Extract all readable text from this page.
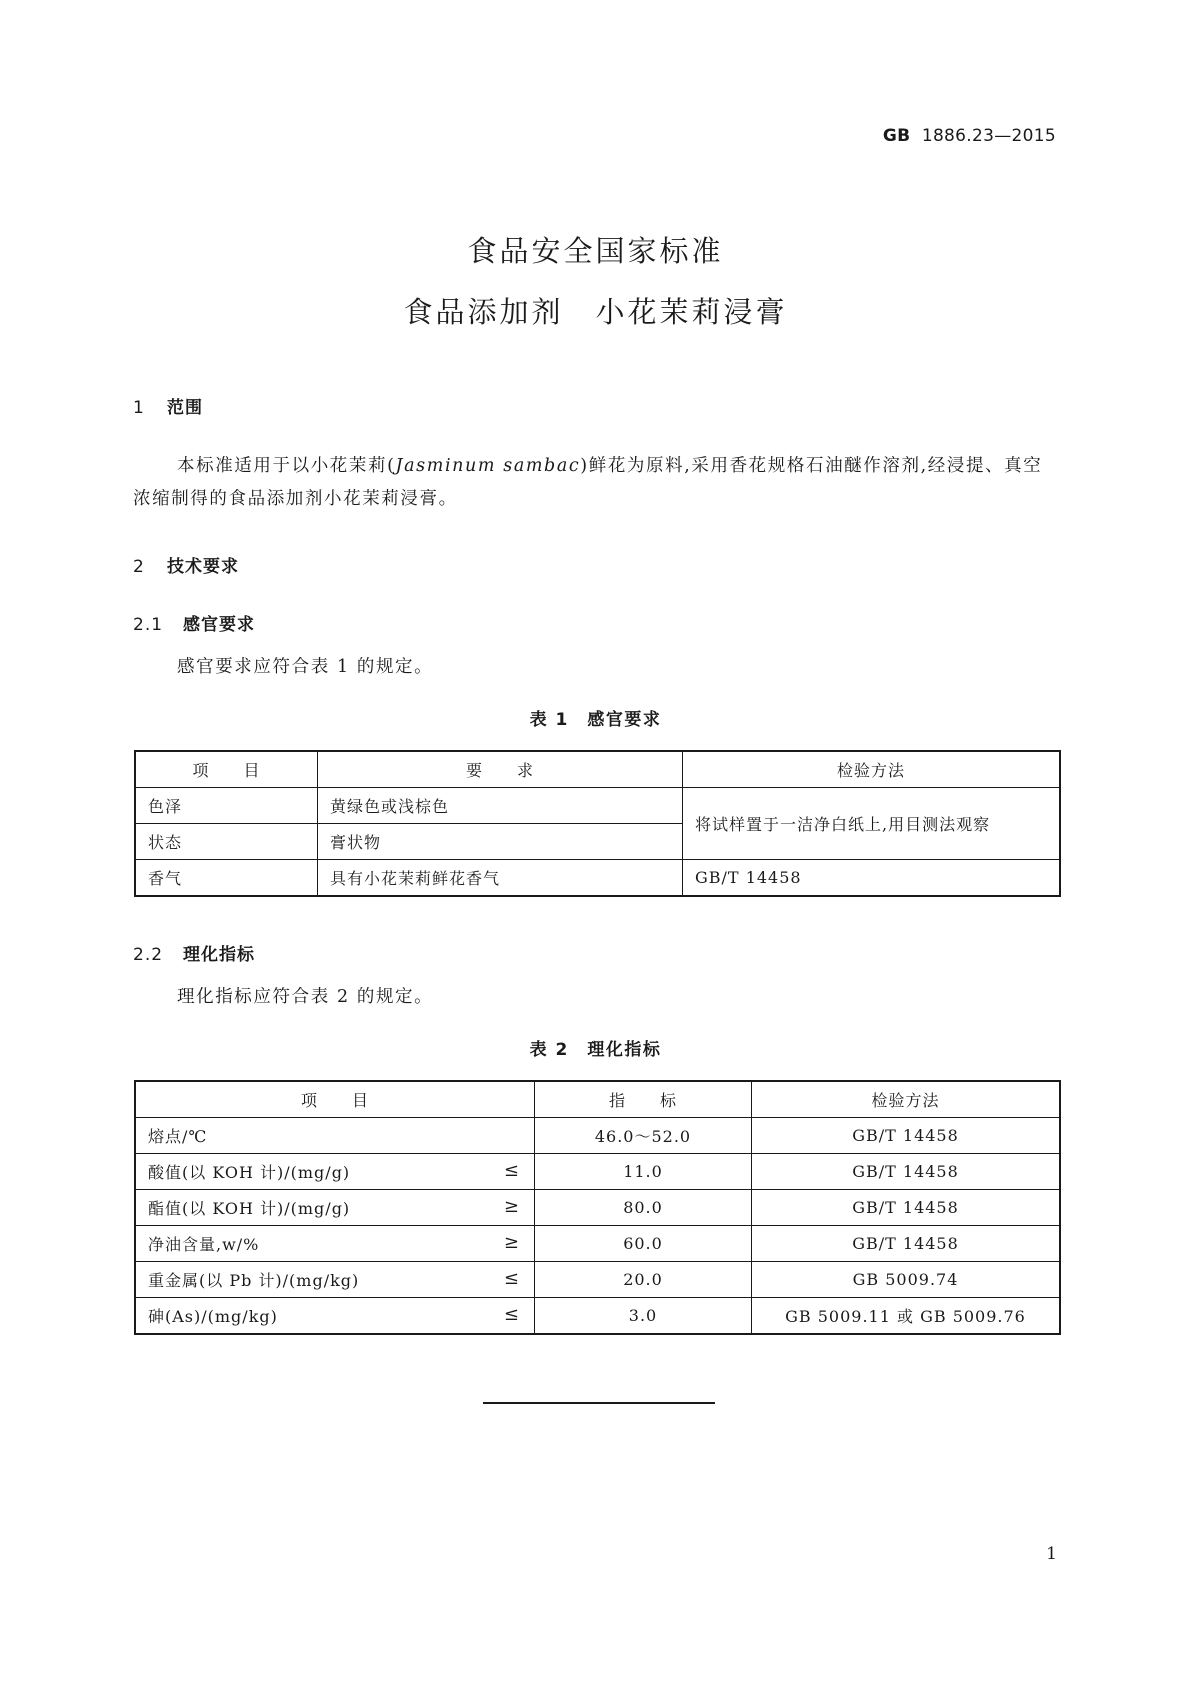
GB 1886.23—2015
食品安全国家标准
食品添加剂　小花茉莉浸膏
1 范围
本标准适用于以小花茉莉(Jasminum sambac)鲜花为原料,采用香花规格石油醚作溶剂,经浸提、真空浓缩制得的食品添加剂小花茉莉浸膏。
2 技术要求
2.1 感官要求
感官要求应符合表 1 的规定。
表 1　感官要求
项　　目	要　　求	检验方法
色泽	黄绿色或浅棕色	将试样置于一洁净白纸上,用目测法观察
状态	膏状物	
香气	具有小花茉莉鲜花香气	GB/T 14458
2.2 理化指标
理化指标应符合表 2 的规定。
表 2　理化指标
项　　目	指　　标	检验方法
熔点/℃	46.0～52.0	GB/T 14458
酸值(以 KOH 计)/(mg/g) ≤	11.0	GB/T 14458
酯值(以 KOH 计)/(mg/g) ≥	80.0	GB/T 14458
净油含量,w/% ≥	60.0	GB/T 14458
重金属(以 Pb 计)/(mg/kg) ≤	20.0	GB 5009.74
砷(As)/(mg/kg) ≤	3.0	GB 5009.11 或 GB 5009.76
1
